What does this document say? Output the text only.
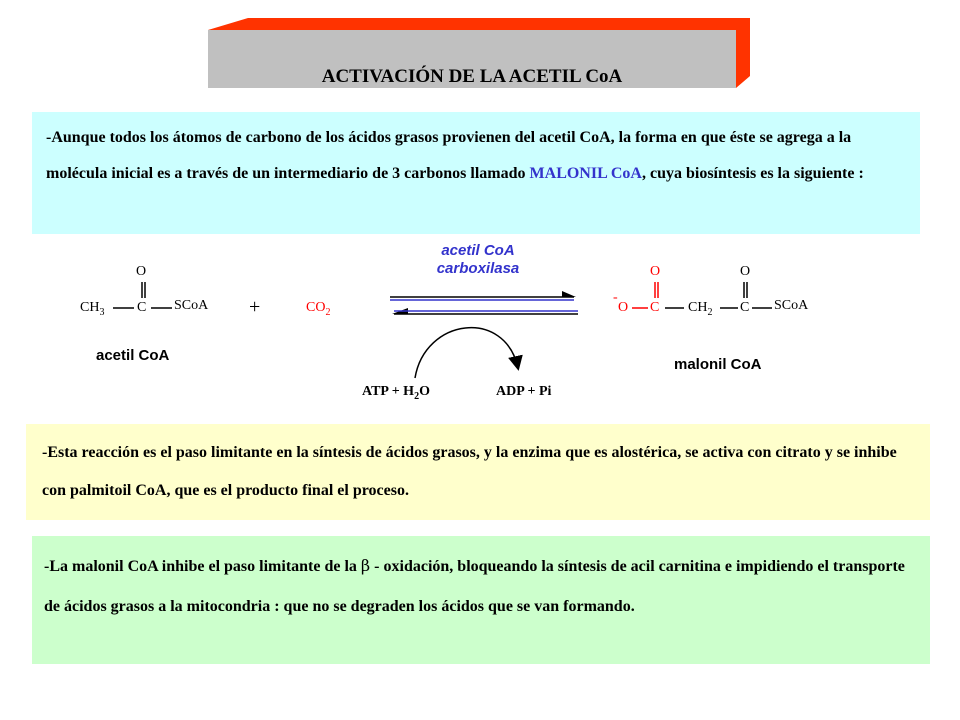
ACTIVACIÓN DE LA ACETIL CoA
-Aunque todos los átomos de carbono de los ácidos grasos provienen del acetil CoA, la forma en que éste se agrega a la molécula inicial es a través de un intermediario de 3 carbonos llamado MALONIL CoA, cuya biosíntesis es la siguiente :
O
$CH_3$ C SCoA
acetil CoA
+	$CO_2$
acetil CoA
carboxilasa
ATP + $H_2O$	ADP + Pi
O	O
-
O C $CH_2$ C SCoA
malonil CoA
-Esta reacción es el paso limitante en la síntesis de ácidos grasos, y la enzima que es alostérica, se activa con citrato y se inhibe con palmitoil CoA, que es el producto final el proceso.
-La malonil CoA inhibe el paso limitante de la β - oxidación, bloqueando la síntesis de acil carnitina e impidiendo el transporte de ácidos grasos a la mitocondria : que no se degraden los ácidos que se van formando.
